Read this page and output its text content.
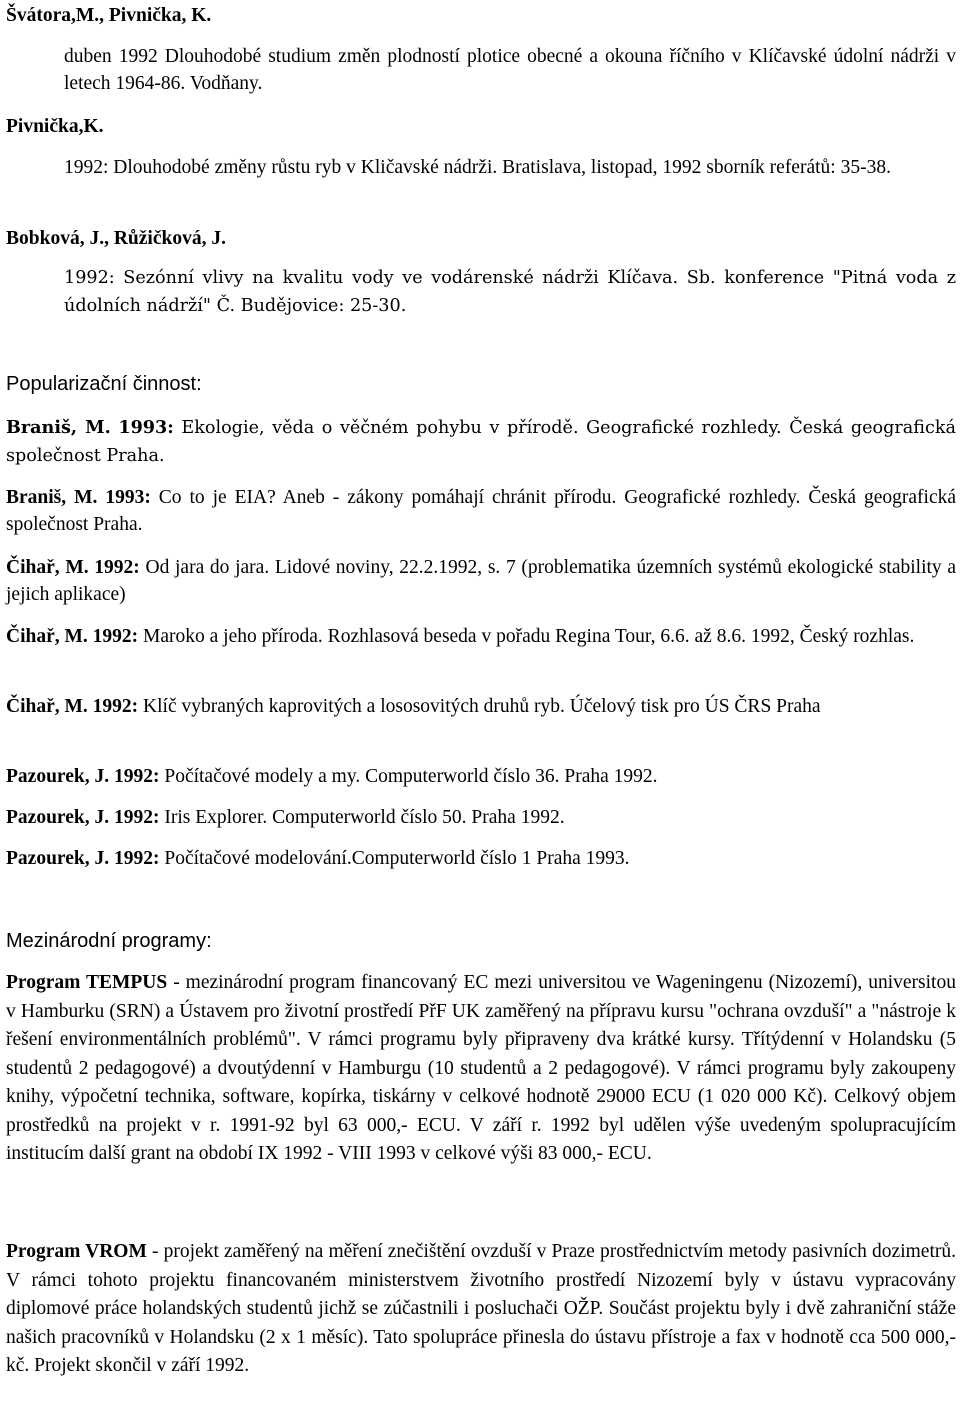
Švátora,M., Pivnička, K.
duben 1992 Dlouhodobé studium změn plodností plotice obecné a okouna říčního v Klíčavské údolní nádrži v letech 1964-86. Vodňany.
Pivnička,K.
1992: Dlouhodobé změny růstu ryb v Kličavské nádrži. Bratislava, listopad, 1992 sborník referátů: 35-38.
Bobková, J., Růžičková, J.
1992: Sezónní vlivy na kvalitu vody ve vodárenské nádrži Klíčava. Sb. konference "Pitná voda z údolních nádrží" Č. Budějovice: 25-30.
Popularizační činnost:
Braniš, M. 1993: Ekologie, věda o věčném pohybu v přírodě. Geografické rozhledy. Česká geografická společnost Praha.
Braniš, M. 1993: Co to je EIA? Aneb - zákony pomáhají chránit přírodu. Geografické rozhledy. Česká geografická společnost Praha.
Čihař, M. 1992: Od jara do jara. Lidové noviny, 22.2.1992, s. 7 (problematika územních systémů ekologické stability a jejich aplikace)
Čihař, M. 1992: Maroko a jeho příroda. Rozhlasová beseda v pořadu Regina Tour, 6.6. až 8.6. 1992, Český rozhlas.
Čihař, M. 1992: Klíč vybraných kaprovitých a lososovitých druhů ryb. Účelový tisk pro ÚS ČRS Praha
Pazourek, J. 1992: Počítačové modely a my. Computerworld číslo 36. Praha 1992.
Pazourek, J. 1992: Iris Explorer. Computerworld číslo 50. Praha 1992.
Pazourek, J. 1992: Počítačové modelování.Computerworld číslo 1 Praha 1993.
Mezinárodní programy:
Program TEMPUS - mezinárodní program financovaný EC mezi universitou ve Wageningenu (Nizozemí), universitou v Hamburku (SRN) a Ústavem pro životní prostředí PřF UK zaměřený na přípravu kursu "ochrana ovzduší" a "nástroje k řešení environmentálních problémů". V rámci programu byly připraveny dva krátké kursy. Třítýdenní v Holandsku (5 studentů 2 pedagogové) a dvoutýdenní v Hamburgu (10 studentů a 2 pedagogové). V rámci programu byly zakoupeny knihy, výpočetní technika, software, kopírka, tiskárny v celkové hodnotě 29000 ECU (1 020 000 Kč). Celkový objem prostředků na projekt v r. 1991-92 byl 63 000,- ECU. V září r. 1992 byl udělen výše uvedeným spolupracujícím institucím další grant na období IX 1992 - VIII 1993 v celkové výši 83 000,- ECU.
Program VROM - projekt zaměřený na měření znečištění ovzduší v Praze prostřednictvím metody pasivních dozimetrů. V rámci tohoto projektu financovaném ministerstvem životního prostředí Nizozemí byly v ústavu vypracovány diplomové práce holandských studentů jichž se zúčastnili i posluchači OŽP. Součást projektu byly i dvě zahraniční stáže našich pracovníků v Holandsku (2 x 1 měsíc). Tato spolupráce přinesla do ústavu přístroje a fax v hodnotě cca 500 000,- kč. Projekt skončil v září 1992.
